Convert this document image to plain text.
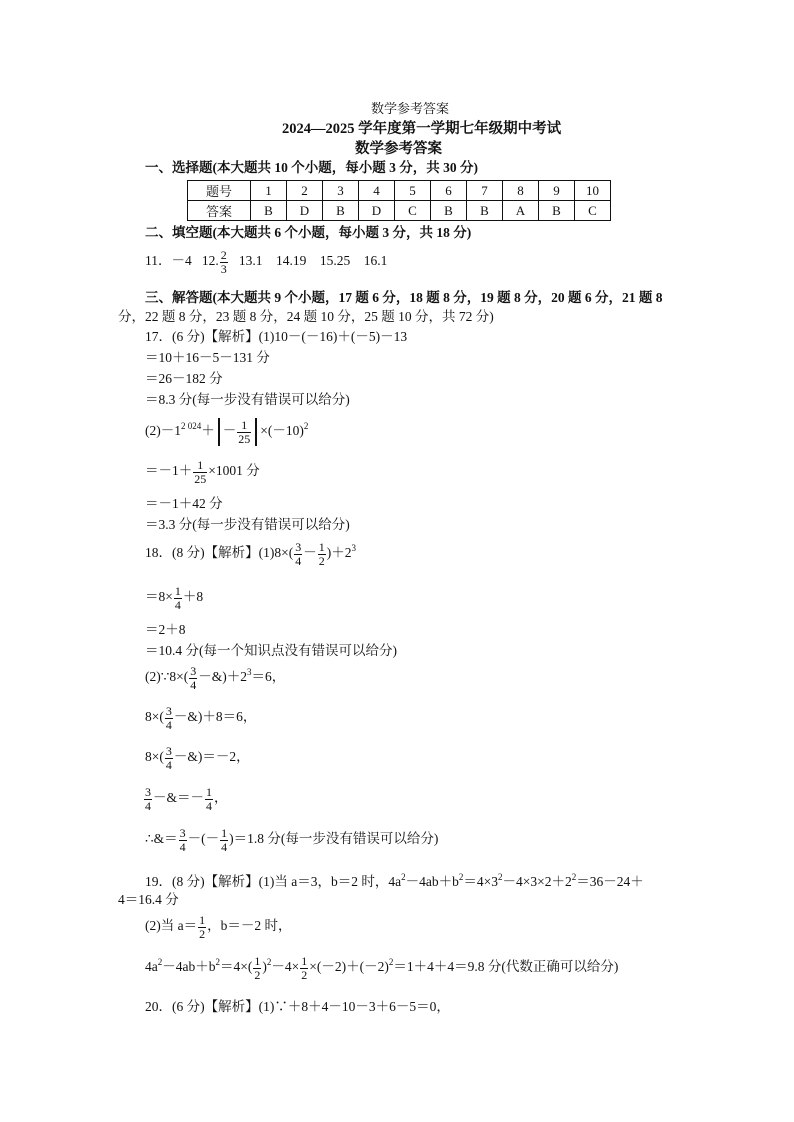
数学参考答案
2024—2025 学年度第一学期七年级期中考试
数学参考答案
一、选择题(本大题共 10 个小题，每小题 3 分，共 30 分)
题号	1	2	3	4	5	6	7	8	9	10
答案	B	D	B	D	C	B	B	A	B	C
二、填空题(本大题共 6 个小题，每小题 3 分，共 18 分)
11．－4 12. $\frac{2}{3} 13.1$　14.19　15.25　16.1
三、解答题(本大题共 9 个小题，17 题 6 分，18 题 8 分，19 题 8 分，20 题 6 分，21 题 8
分，22 题 8 分，23 题 8 分，24 题 10 分，25 题 10 分，共 72 分)
17．(6 分)【解析】(1)10－(－16)＋(－5)－13
＝10＋16－5－131 分
＝26－182 分
＝8.3 分(每一步没有错误可以给分)
$(2)-1^{2 024}+ - \frac{1}{25} \times(-10)^2$
$=-1+ \frac{1}{25} \times 1001$ 分
＝－1＋42 分
＝3.3 分(每一步没有错误可以给分)
18．(8 分)【解析】$(1)8\times( \frac{3}{4} - \frac{1}{2} )+2^3$
$=8\times \frac{1}{4} +8$
＝2＋8
＝10.4 分(每一个知识点没有错误可以给分)
(2)∵8×( $\frac{3}{4}$ $-\&)+2^3=6$，
$8\times( \frac{3}{4}$ －&)＋8＝6，
$8\times( \frac{3}{4}$ －&)＝－2，
$\frac{3}{4}$ －&＝－ $\frac{1}{4}$ ，
∴&＝ $\frac{3}{4}$ －(－ $\frac{1}{4} )=1.8$ 分(每一步没有错误可以给分)
19．(8 分)【解析】(1)当 a＝3，b＝2 时，$4a^2-4ab+b^2=4\times 3^2-4\times 3\times 2+2^2=36-24+$
4＝16.4 分
(2)当 $a= \frac{1}{2}$ ，b＝－2 时，
$4a^2-4ab+b^2=4\times( \frac{1}{2} )^2-4\times \frac{1}{2} \times(-2)+(-2)^2=1+4+4=9.8$ 分(代数正确可以给分)
20．(6 分)【解析】(1)∵＋8＋4－10－3＋6－5＝0，
